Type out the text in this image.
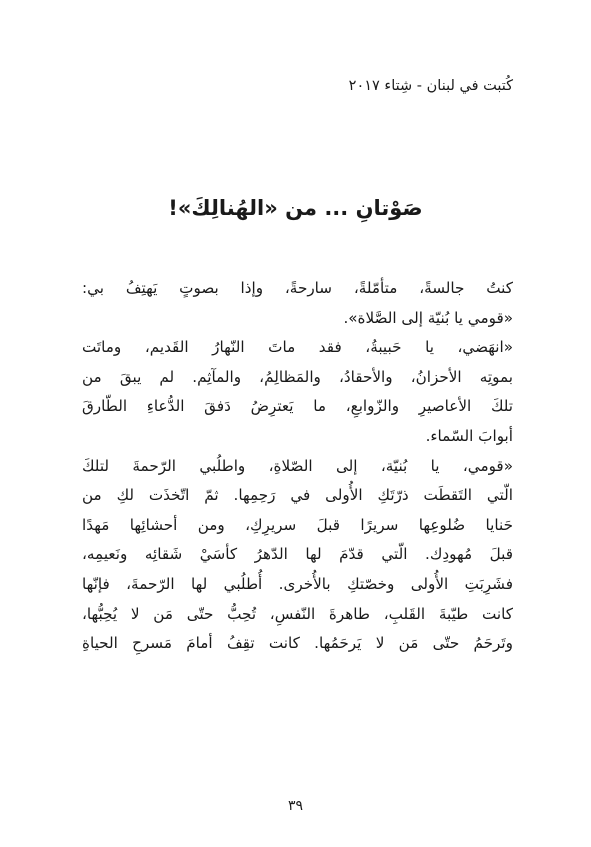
كُتبت في لبنان - شِتاء ٢٠١٧
صَوْتانِ ... من «الهُنالِكَ»!
كنتُ جالسةً، متأمّلةً، سارحةً، وإذا بصوتٍ يَهتِفُ بي:
«قومي يا بُنيّة إلى الصَّلاة».
«انهَضي، يا حَبيبةُ، فقد ماتَ النّهارُ القَديم، وماتَت
بموتِه الأحزانُ، والأحقادُ، والمَظالِمُ، والمآثِم. لم يبقَ من
تلكَ الأعاصيرِ والزّوابعِ، ما يَعترِضُ دَفقَ الدُّعاءِ الطّارقَ
أبوابَ السّماء.
«قومي، يا بُنيّة، إلى الصّلاةِ، واطلُبي الرّحمةَ لتلكَ
الّتي التَقطَت ذرّتَكِ الأُولى في رَحِمِها. ثمّ اتّخذَت لكِ من
حَنايا ضُلوعِها سريرًا قبلَ سريرِكِ، ومن أحشائِها مَهدًا
قبلَ مُهودِك. الّتي قدّمَ لها الدّهرُ كأسَيْ شَقائِه ونَعيمِه،
فشَرِبَتِ الأُولى وخصّتكِ بالأُخرى. أُطلُبي لها الرّحمةَ، فإنّها
كانت طيّبةَ القَلبِ، طاهرةَ النّفسِ، تُحِبُّ حتّى مَن لا يُحِبُّها،
وتَرحَمُ حتّى مَن لا يَرحَمُها. كانت تقِفُ أمامَ مَسرحِ الحياةِ
٣٩
